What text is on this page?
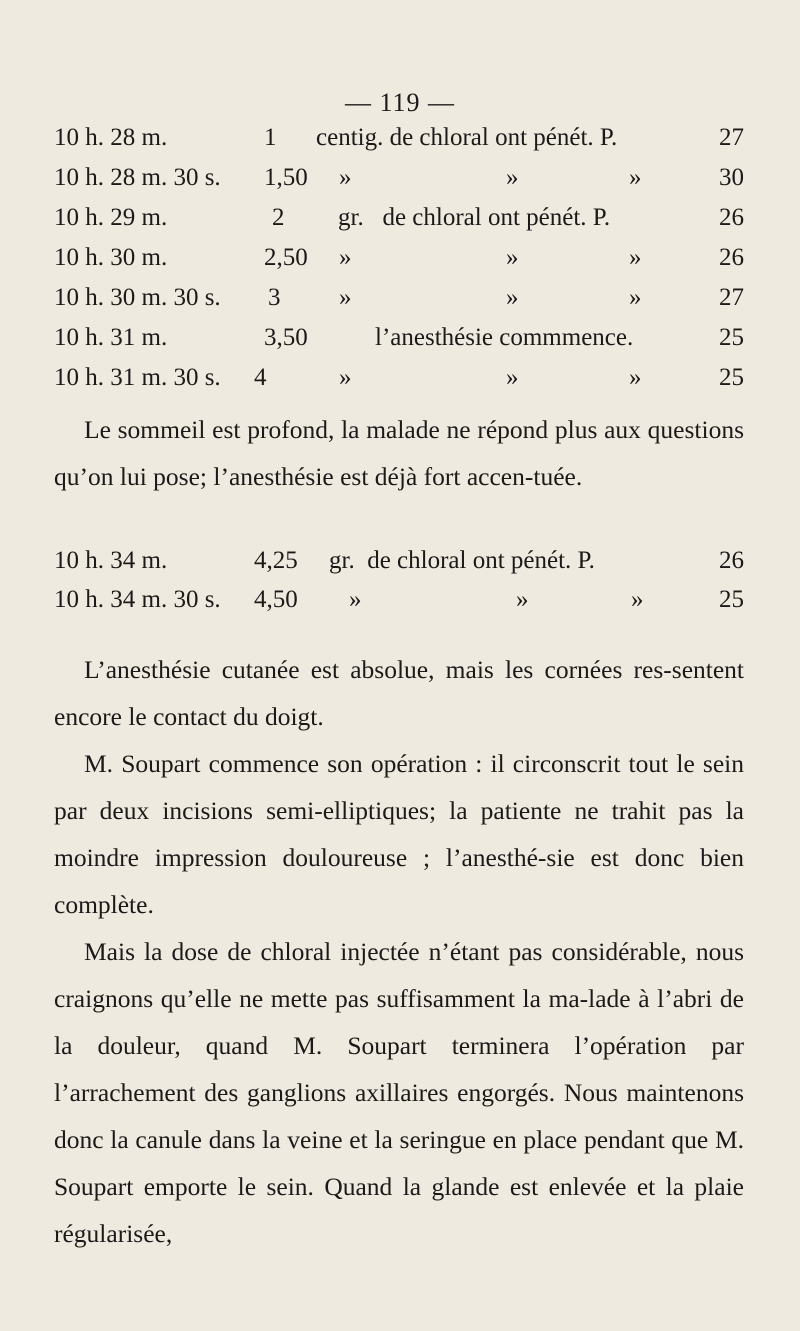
— 119 —
10 h. 28 m.	1 centig. de chloral ont pénét. P.	27
10 h. 28 m. 30 s. 1,50 »	»	»	30
10 h. 29 m.	2 gr.   de chloral ont pénét. P.	26
10 h. 30 m.	2,50 »	»	»	26
10 h. 30 m. 30 s. 3 »	»	»	27
10 h. 31 m.	3,50	l’anesthésie commmence.	25
10 h. 31 m. 30 s. 4	»	»	»	25

Le sommeil est profond, la malade ne répond plus aux questions qu’on lui pose; l’anesthésie est déjà fort accen-tuée.

10 h. 34 m.	4,25 gr.  de chloral ont pénét. P.	26
10 h. 34 m. 30 s. 4,50 »	»	»	25

L’anesthésie cutanée est absolue, mais les cornées res-sentent encore le contact du doigt.

M. Soupart commence son opération : il circonscrit tout le sein par deux incisions semi-elliptiques; la patiente ne trahit pas la moindre impression douloureuse ; l’anesthé-sie est donc bien complète.

Mais la dose de chloral injectée n’étant pas considérable, nous craignons qu’elle ne mette pas suffisamment la ma-lade à l’abri de la douleur, quand M. Soupart terminera l’opération par l’arrachement des ganglions axillaires engorgés. Nous maintenons donc la canule dans la veine et la seringue en place pendant que M. Soupart emporte le sein. Quand la glande est enlevée et la plaie régularisée,
